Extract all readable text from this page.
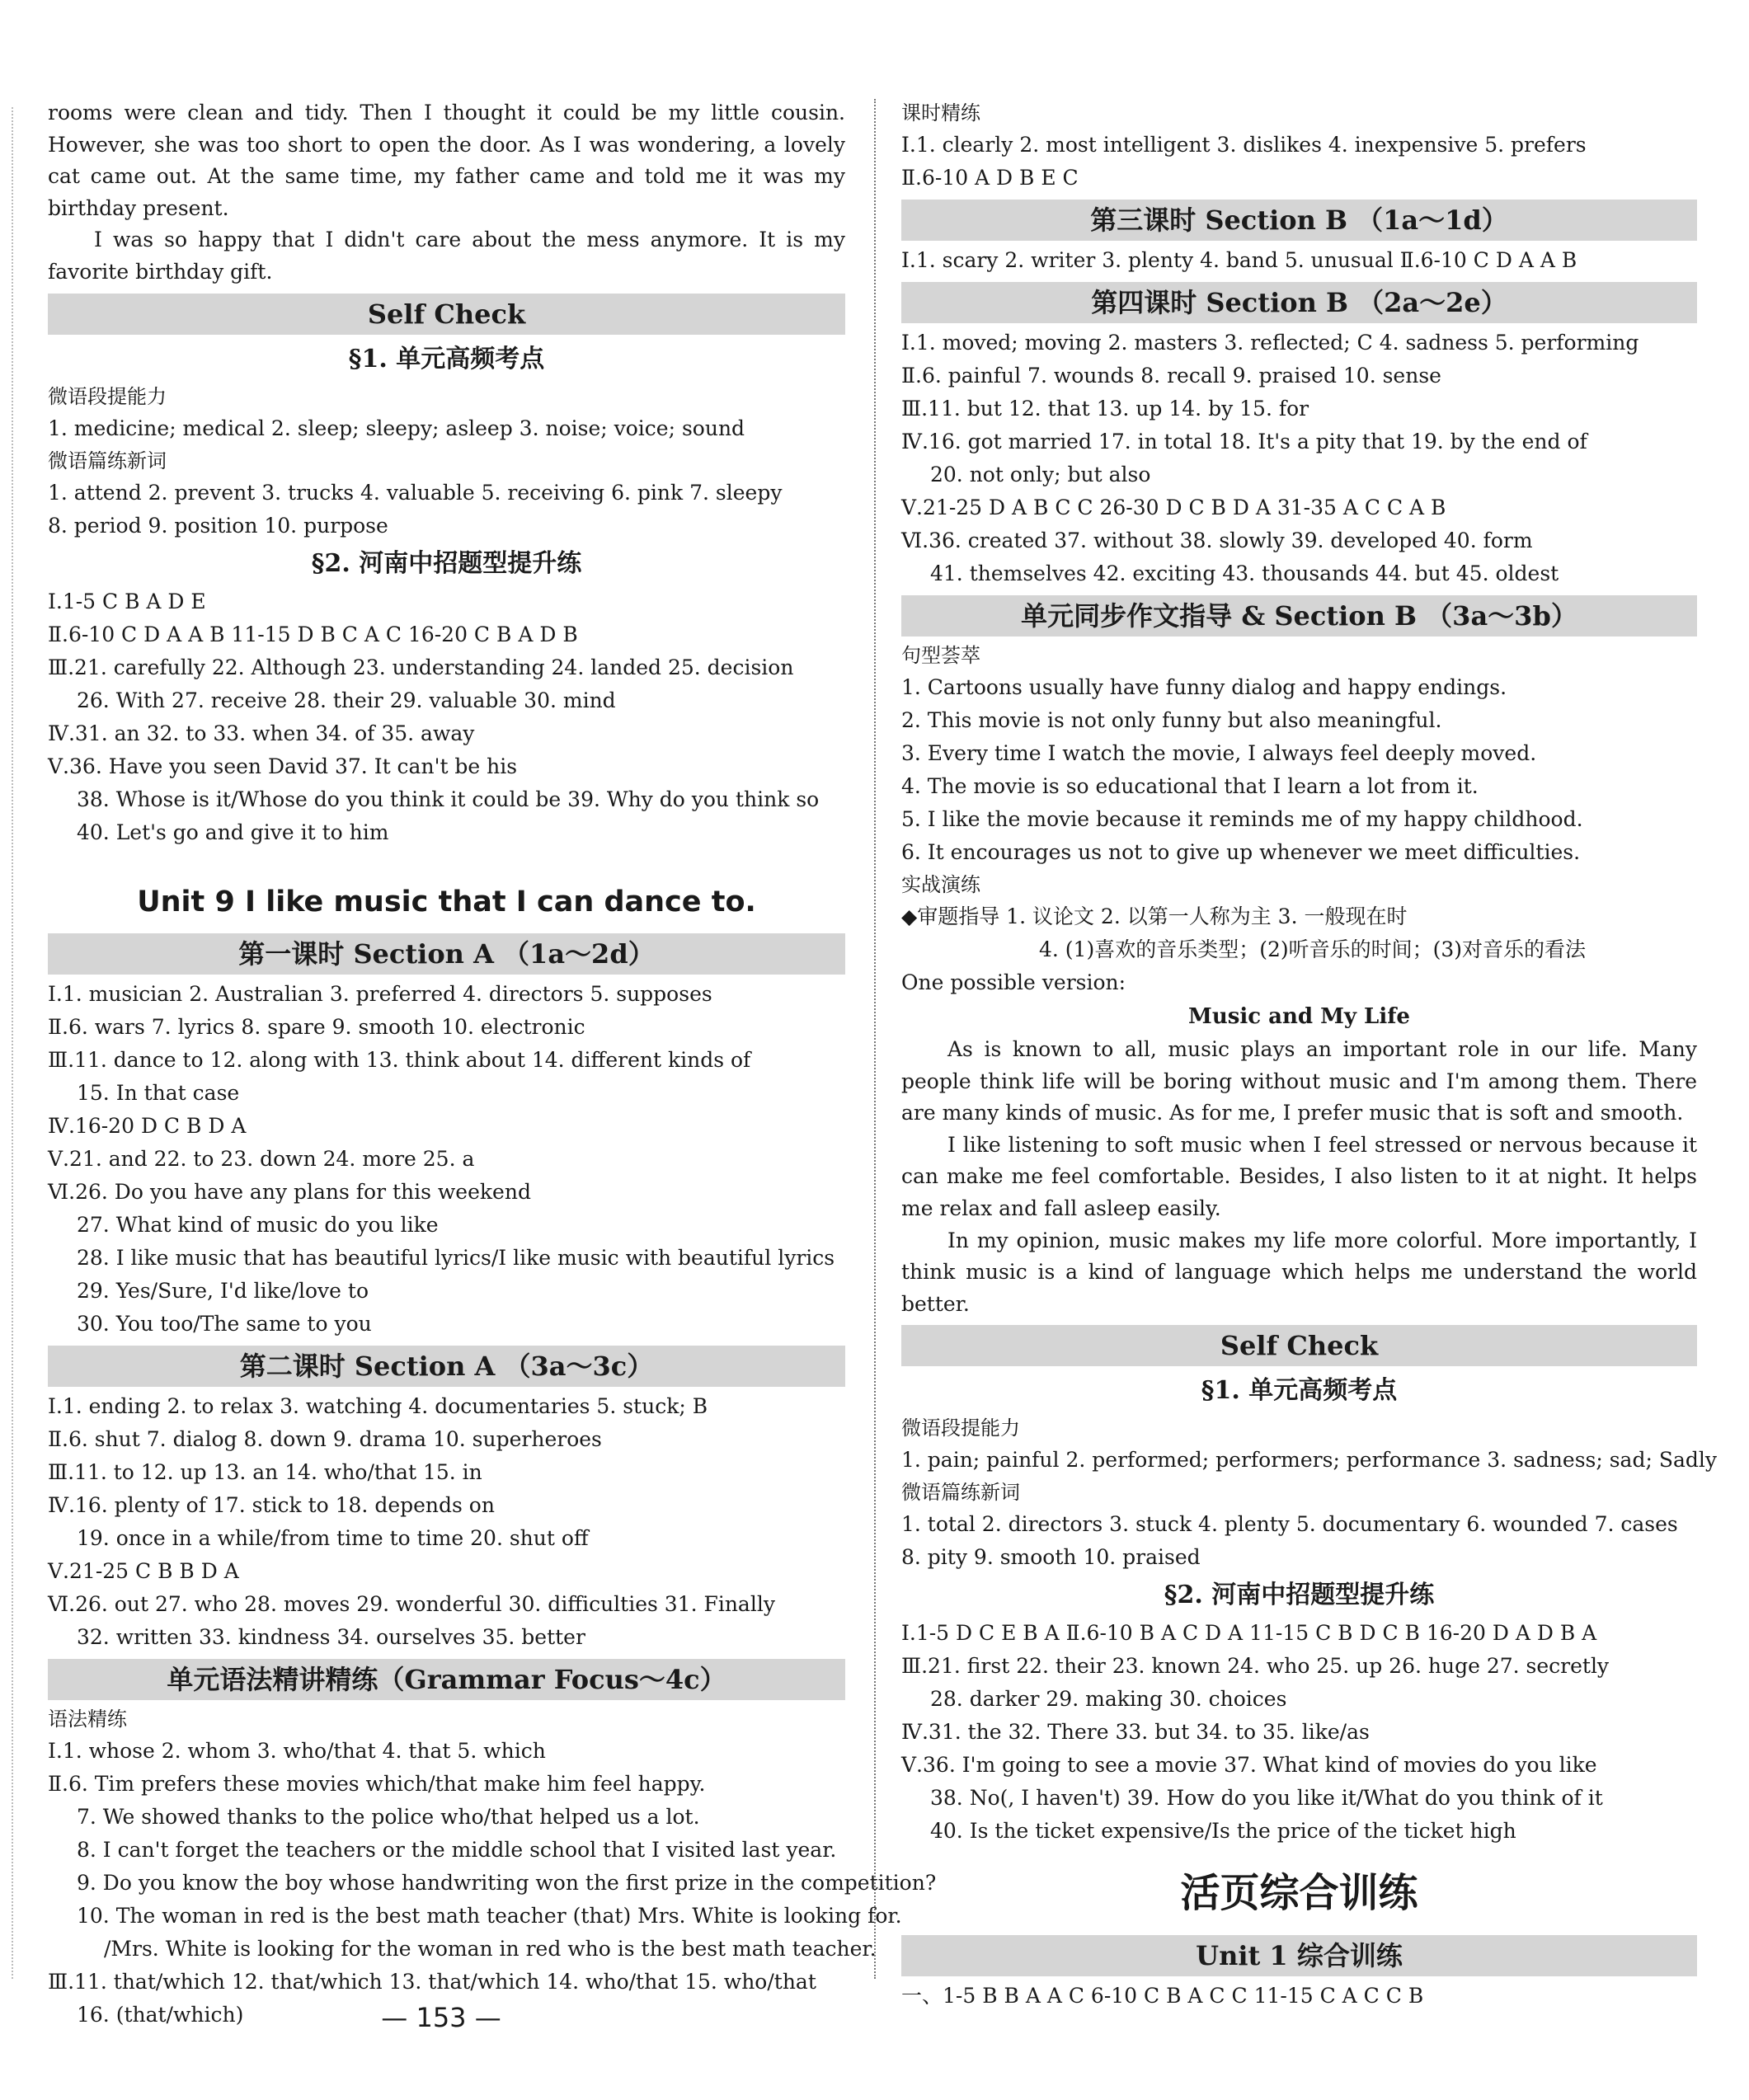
rooms were clean and tidy. Then I thought it could be my little cousin. However, she was too short to open the door. As I was wondering, a lovely cat came out. At the same time, my father came and told me it was my birthday present.
I was so happy that I didn't care about the mess anymore. It is my favorite birthday gift.
Self Check
§1. 单元高频考点
微语段提能力
1. medicine; medical 2. sleep; sleepy; asleep 3. noise; voice; sound
微语篇练新词
1. attend 2. prevent 3. trucks 4. valuable 5. receiving 6. pink 7. sleepy
8. period 9. position 10. purpose
§2. 河南中招题型提升练
Ⅰ.1-5 C B A D E
Ⅱ.6-10 C D A A B 11-15 D B C A C 16-20 C B A D B
Ⅲ.21. carefully 22. Although 23. understanding 24. landed 25. decision
26. With 27. receive 28. their 29. valuable 30. mind
Ⅳ.31. an 32. to 33. when 34. of 35. away
Ⅴ.36. Have you seen David 37. It can't be his
38. Whose is it/Whose do you think it could be 39. Why do you think so
40. Let's go and give it to him
Unit 9 I like music that I can dance to.
第一课时 Section A （1a～2d）
Ⅰ.1. musician 2. Australian 3. preferred 4. directors 5. supposes
Ⅱ.6. wars 7. lyrics 8. spare 9. smooth 10. electronic
Ⅲ.11. dance to 12. along with 13. think about 14. different kinds of
15. In that case
Ⅳ.16-20 D C B D A
Ⅴ.21. and 22. to 23. down 24. more 25. a
Ⅵ.26. Do you have any plans for this weekend
27. What kind of music do you like
28. I like music that has beautiful lyrics/I like music with beautiful lyrics
29. Yes/Sure, I'd like/love to
30. You too/The same to you
第二课时 Section A （3a～3c）
Ⅰ.1. ending 2. to relax 3. watching 4. documentaries 5. stuck; B
Ⅱ.6. shut 7. dialog 8. down 9. drama 10. superheroes
Ⅲ.11. to 12. up 13. an 14. who/that 15. in
Ⅳ.16. plenty of 17. stick to 18. depends on
19. once in a while/from time to time 20. shut off
Ⅴ.21-25 C B B D A
Ⅵ.26. out 27. who 28. moves 29. wonderful 30. difficulties 31. Finally
32. written 33. kindness 34. ourselves 35. better
单元语法精讲精练（Grammar Focus～4c）
语法精练
Ⅰ.1. whose 2. whom 3. who/that 4. that 5. which
Ⅱ.6. Tim prefers these movies which/that make him feel happy.
7. We showed thanks to the police who/that helped us a lot.
8. I can't forget the teachers or the middle school that I visited last year.
9. Do you know the boy whose handwriting won the first prize in the competition?
10. The woman in red is the best math teacher (that) Mrs. White is looking for.
/Mrs. White is looking for the woman in red who is the best math teacher.
Ⅲ.11. that/which 12. that/which 13. that/which 14. who/that 15. who/that
16. (that/which)
课时精练
Ⅰ.1. clearly 2. most intelligent 3. dislikes 4. inexpensive 5. prefers
Ⅱ.6-10 A D B E C
第三课时 Section B （1a～1d）
Ⅰ.1. scary 2. writer 3. plenty 4. band 5. unusual Ⅱ.6-10 C D A A B
第四课时 Section B （2a～2e）
Ⅰ.1. moved; moving 2. masters 3. reflected; C 4. sadness 5. performing
Ⅱ.6. painful 7. wounds 8. recall 9. praised 10. sense
Ⅲ.11. but 12. that 13. up 14. by 15. for
Ⅳ.16. got married 17. in total 18. It's a pity that 19. by the end of
20. not only; but also
Ⅴ.21-25 D A B C C 26-30 D C B D A 31-35 A C C A B
Ⅵ.36. created 37. without 38. slowly 39. developed 40. form
41. themselves 42. exciting 43. thousands 44. but 45. oldest
单元同步作文指导 & Section B （3a～3b）
句型荟萃
1. Cartoons usually have funny dialog and happy endings.
2. This movie is not only funny but also meaningful.
3. Every time I watch the movie, I always feel deeply moved.
4. The movie is so educational that I learn a lot from it.
5. I like the movie because it reminds me of my happy childhood.
6. It encourages us not to give up whenever we meet difficulties.
实战演练
◆审题指导 1. 议论文 2. 以第一人称为主 3. 一般现在时
4. (1)喜欢的音乐类型；(2)听音乐的时间；(3)对音乐的看法
One possible version:
Music and My Life
As is known to all, music plays an important role in our life. Many people think life will be boring without music and I'm among them. There are many kinds of music. As for me, I prefer music that is soft and smooth.
I like listening to soft music when I feel stressed or nervous because it can make me feel comfortable. Besides, I also listen to it at night. It helps me relax and fall asleep easily.
In my opinion, music makes my life more colorful. More importantly, I think music is a kind of language which helps me understand the world better.
Self Check
§1. 单元高频考点
微语段提能力
1. pain; painful 2. performed; performers; performance 3. sadness; sad; Sadly
微语篇练新词
1. total 2. directors 3. stuck 4. plenty 5. documentary 6. wounded 7. cases
8. pity 9. smooth 10. praised
§2. 河南中招题型提升练
Ⅰ.1-5 D C E B A Ⅱ.6-10 B A C D A 11-15 C B D C B 16-20 D A D B A
Ⅲ.21. first 22. their 23. known 24. who 25. up 26. huge 27. secretly
28. darker 29. making 30. choices
Ⅳ.31. the 32. There 33. but 34. to 35. like/as
Ⅴ.36. I'm going to see a movie 37. What kind of movies do you like
38. No(, I haven't) 39. How do you like it/What do you think of it
40. Is the ticket expensive/Is the price of the ticket high
活页综合训练
Unit 1 综合训练
一、1-5 B B A A C 6-10 C B A C C 11-15 C A C C B
— 153 —
